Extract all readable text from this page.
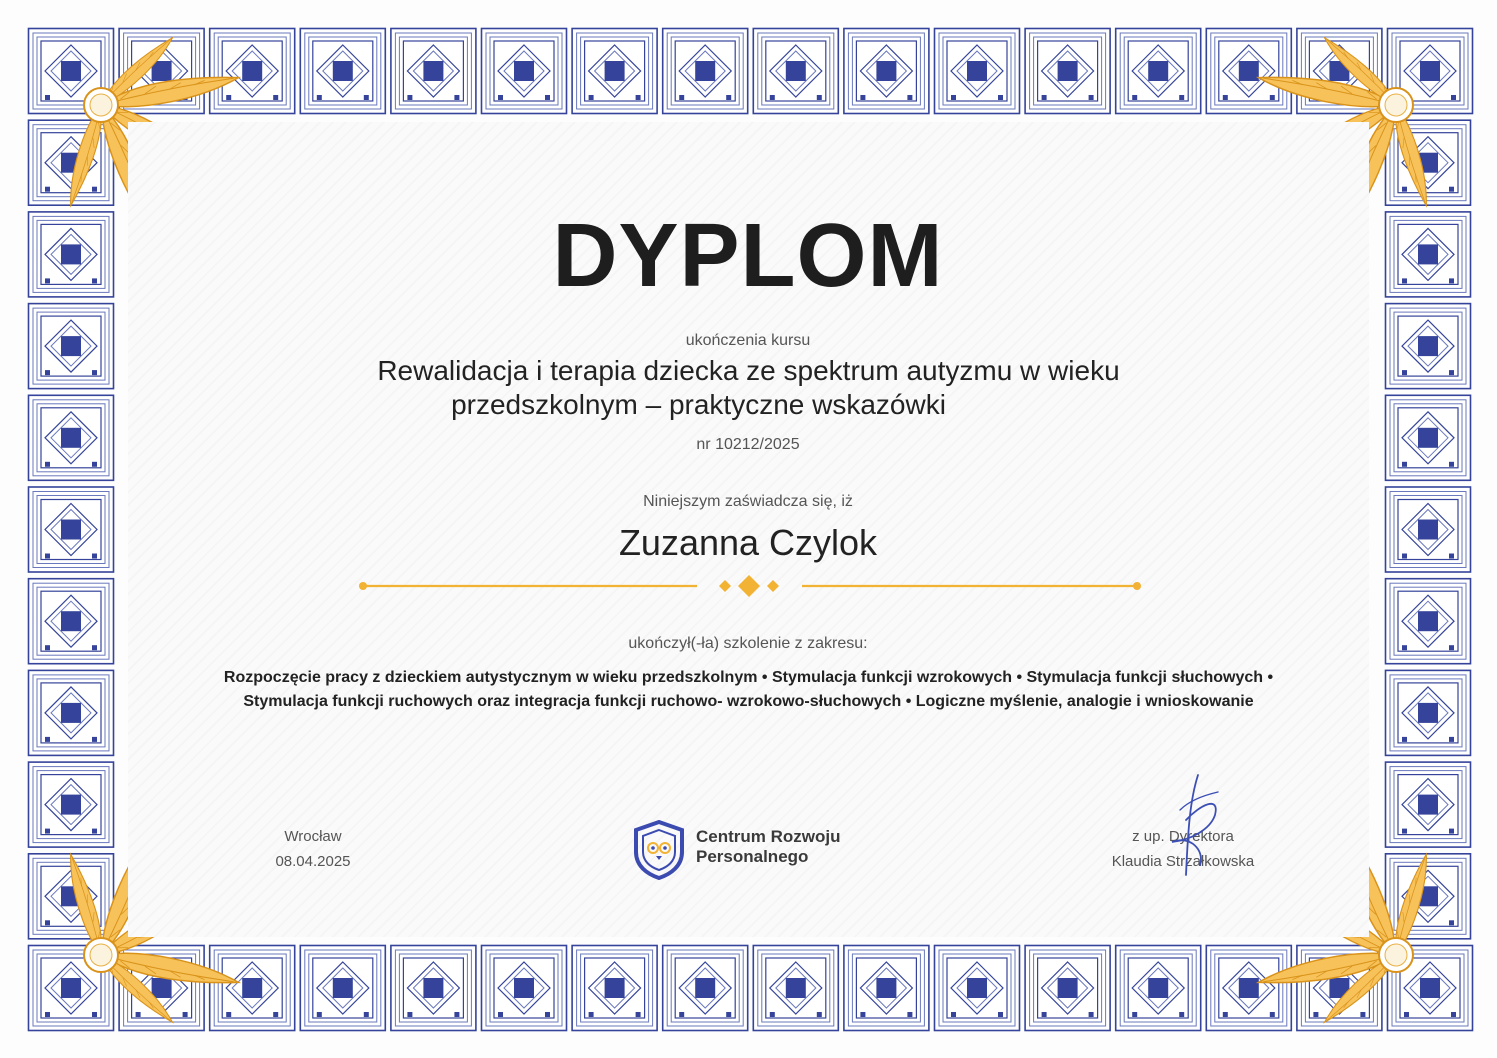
DYPLOM
ukończenia kursu
Rewalidacja i terapia dziecka ze spektrum autyzmu w wieku
przedszkolnym – praktyczne wskazówki
nr 10212/2025
Niniejszym zaświadcza się, iż
Zuzanna Czylok
ukończył(-ła) szkolenie z zakresu:
Rozpoczęcie pracy z dzieckiem autystycznym w wieku przedszkolnym • Stymulacja funkcji wzrokowych • Stymulacja funkcji słuchowych •
Stymulacja funkcji ruchowych oraz integracja funkcji ruchowo- wzrokowo-słuchowych • Logiczne myślenie, analogie i wnioskowanie
Wrocław
08.04.2025
Centrum Rozwoju
Personalnego
z up. Dyrektora
Klaudia Strzałkowska
